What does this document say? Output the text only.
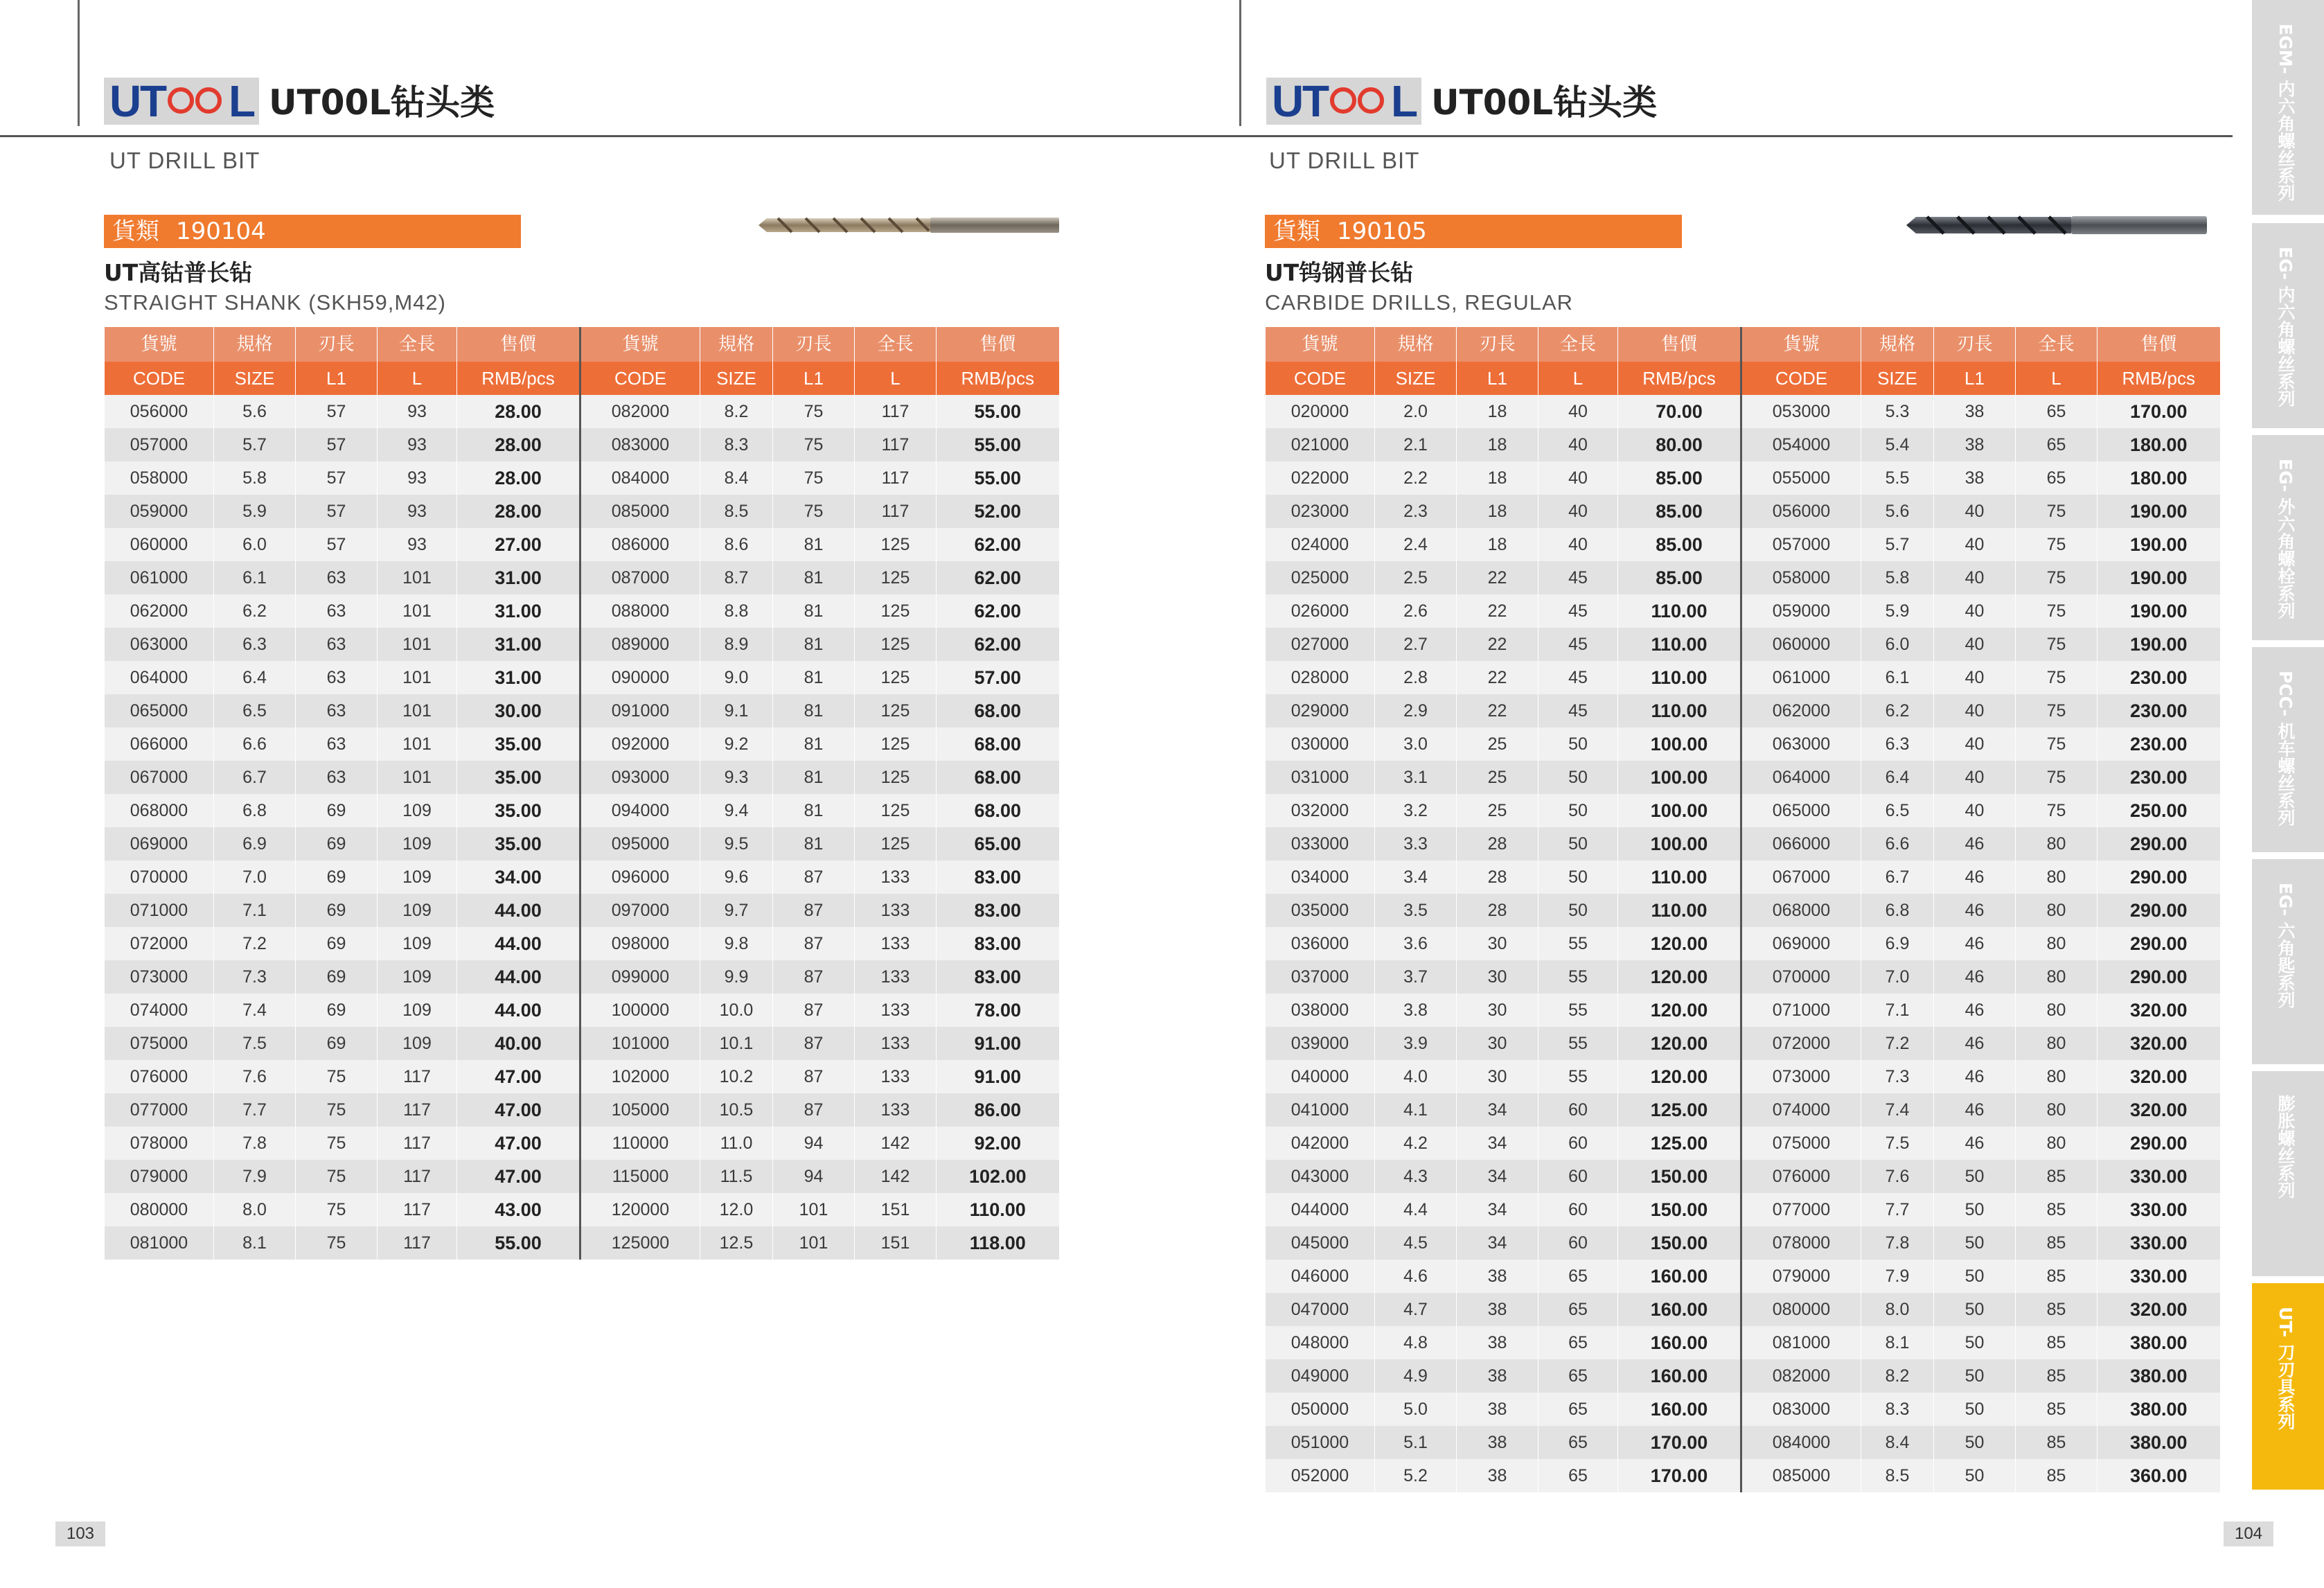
U
T L UT00L钻头类
UT DRILL BIT
貨類 190104
UT高钴普长钻
STRAIGHT SHANK (SKH59,M42)
貨號	規格	刃長	全長	售價	貨號	規格	刃長	全長	售價
CODE	SIZE	L1	L	RMB/pcs	CODE	SIZE	L1	L	RMB/pcs
056000	5.6	57	93	28.00	082000	8.2	75	117	55.00
057000	5.7	57	93	28.00	083000	8.3	75	117	55.00
058000	5.8	57	93	28.00	084000	8.4	75	117	55.00
059000	5.9	57	93	28.00	085000	8.5	75	117	52.00
060000	6.0	57	93	27.00	086000	8.6	81	125	62.00
061000	6.1	63	101	31.00	087000	8.7	81	125	62.00
062000	6.2	63	101	31.00	088000	8.8	81	125	62.00
063000	6.3	63	101	31.00	089000	8.9	81	125	62.00
064000	6.4	63	101	31.00	090000	9.0	81	125	57.00
065000	6.5	63	101	30.00	091000	9.1	81	125	68.00
066000	6.6	63	101	35.00	092000	9.2	81	125	68.00
067000	6.7	63	101	35.00	093000	9.3	81	125	68.00
068000	6.8	69	109	35.00	094000	9.4	81	125	68.00
069000	6.9	69	109	35.00	095000	9.5	81	125	65.00
070000	7.0	69	109	34.00	096000	9.6	87	133	83.00
071000	7.1	69	109	44.00	097000	9.7	87	133	83.00
072000	7.2	69	109	44.00	098000	9.8	87	133	83.00
073000	7.3	69	109	44.00	099000	9.9	87	133	83.00
074000	7.4	69	109	44.00	100000	10.0	87	133	78.00
075000	7.5	69	109	40.00	101000	10.1	87	133	91.00
076000	7.6	75	117	47.00	102000	10.2	87	133	91.00
077000	7.7	75	117	47.00	105000	10.5	87	133	86.00
078000	7.8	75	117	47.00	110000	11.0	94	142	92.00
079000	7.9	75	117	47.00	115000	11.5	94	142	102.00
080000	8.0	75	117	43.00	120000	12.0	101	151	110.00
081000	8.1	75	117	55.00	125000	12.5	101	151	118.00
103
U
T L UT00L钻头类
UT DRILL BIT
貨類 190105
UT钨钢普长钻
CARBIDE DRILLS, REGULAR
貨號	規格	刃長	全長	售價	貨號	規格	刃長	全長	售價
CODE	SIZE	L1	L	RMB/pcs	CODE	SIZE	L1	L	RMB/pcs
020000	2.0	18	40	70.00	053000	5.3	38	65	170.00
021000	2.1	18	40	80.00	054000	5.4	38	65	180.00
022000	2.2	18	40	85.00	055000	5.5	38	65	180.00
023000	2.3	18	40	85.00	056000	5.6	40	75	190.00
024000	2.4	18	40	85.00	057000	5.7	40	75	190.00
025000	2.5	22	45	85.00	058000	5.8	40	75	190.00
026000	2.6	22	45	110.00	059000	5.9	40	75	190.00
027000	2.7	22	45	110.00	060000	6.0	40	75	190.00
028000	2.8	22	45	110.00	061000	6.1	40	75	230.00
029000	2.9	22	45	110.00	062000	6.2	40	75	230.00
030000	3.0	25	50	100.00	063000	6.3	40	75	230.00
031000	3.1	25	50	100.00	064000	6.4	40	75	230.00
032000	3.2	25	50	100.00	065000	6.5	40	75	250.00
033000	3.3	28	50	100.00	066000	6.6	46	80	290.00
034000	3.4	28	50	110.00	067000	6.7	46	80	290.00
035000	3.5	28	50	110.00	068000	6.8	46	80	290.00
036000	3.6	30	55	120.00	069000	6.9	46	80	290.00
037000	3.7	30	55	120.00	070000	7.0	46	80	290.00
038000	3.8	30	55	120.00	071000	7.1	46	80	320.00
039000	3.9	30	55	120.00	072000	7.2	46	80	320.00
040000	4.0	30	55	120.00	073000	7.3	46	80	320.00
041000	4.1	34	60	125.00	074000	7.4	46	80	320.00
042000	4.2	34	60	125.00	075000	7.5	46	80	290.00
043000	4.3	34	60	150.00	076000	7.6	50	85	330.00
044000	4.4	34	60	150.00	077000	7.7	50	85	330.00
045000	4.5	34	60	150.00	078000	7.8	50	85	330.00
046000	4.6	38	65	160.00	079000	7.9	50	85	330.00
047000	4.7	38	65	160.00	080000	8.0	50	85	320.00
048000	4.8	38	65	160.00	081000	8.1	50	85	380.00
049000	4.9	38	65	160.00	082000	8.2	50	85	380.00
050000	5.0	38	65	160.00	083000	8.3	50	85	380.00
051000	5.1	38	65	170.00	084000	8.4	50	85	380.00
052000	5.2	38	65	170.00	085000	8.5	50	85	360.00
104
EGM- 内六角螺丝系列
EG- 内六角螺丝系列
EG- 外六角螺栓系列
PCC- 机车螺丝系列
EG- 六角匙系列
膨胀螺丝系列
UT- 刀刃具系列
